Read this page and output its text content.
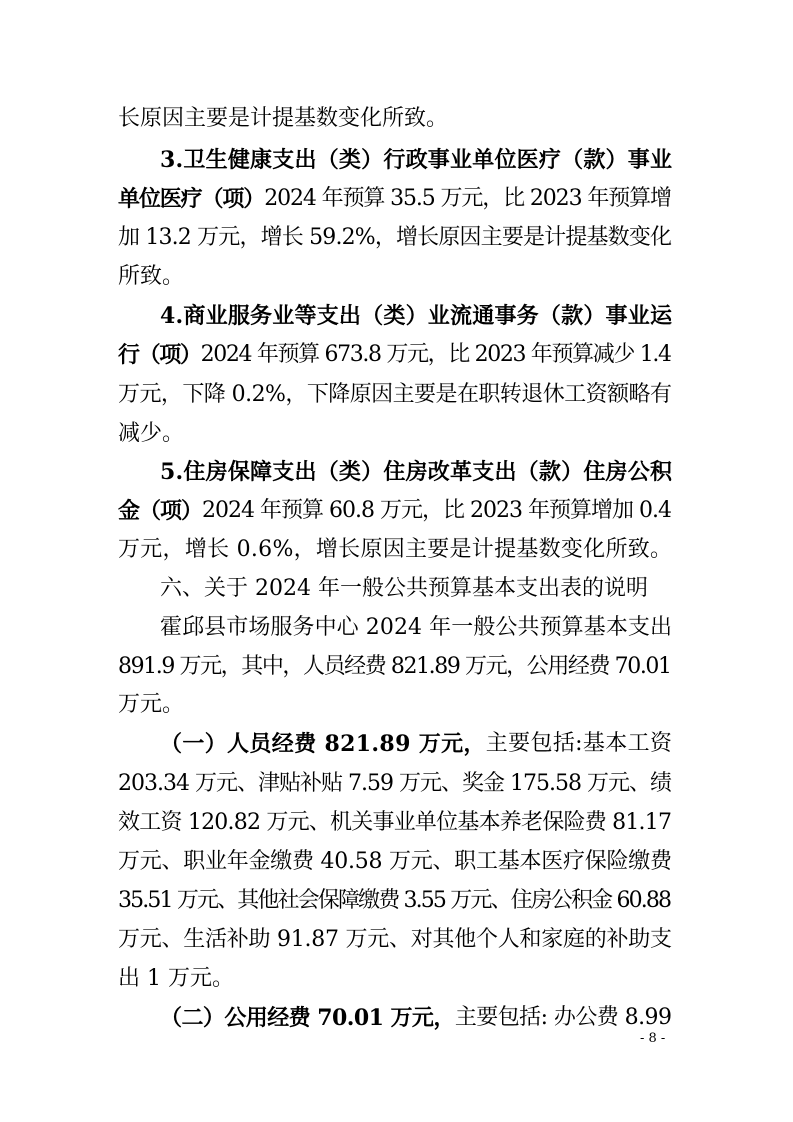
长原因主要是计提基数变化所致。
3.卫生健康支出（类）行政事业单位医疗（款）事业
单位医疗（项） 2024 年预算 35.5 万元，比 2023 年预算增
加 13.2 万元，增长 59.2%，增长原因主要是计提基数变化
所致。
4.商业服务业等支出（类）业流通事务（款）事业运
行（项） 2024 年预算 673.8 万元，比 2023 年预算减少 1.4
万元，下降 0.2%，下降原因主要是在职转退休工资额略有
减少。
5.住房保障支出（类）住房改革支出（款）住房公积
金（项） 2024 年预算 60.8 万元，比 2023 年预算增加 0.4
万元，增长 0.6%，增长原因主要是计提基数变化所致。
六、关于 2024 年一般公共预算基本支出表的说明
霍邱县市场服务中心 2024 年一般公共预算基本支出
891.9 万元，其中，人员经费 821.89 万元，公用经费 70.01
万元。
（一）人员经费 821.89 万元， 主要包括:基本工资
203.34 万元、津贴补贴 7.59 万元、奖金 175.58 万元、绩
效工资 120.82 万元、机关事业单位基本养老保险费 81.17
万元、职业年金缴费 40.58 万元、职工基本医疗保险缴费
35.51 万元、其他社会保障缴费 3.55 万元、住房公积金 60.88
万元、生活补助 91.87 万元、对其他个人和家庭的补助支
出 1 万元。
（二）公用经费 70.01 万元， 主要包括: 办公费 8.99
- 8 -
